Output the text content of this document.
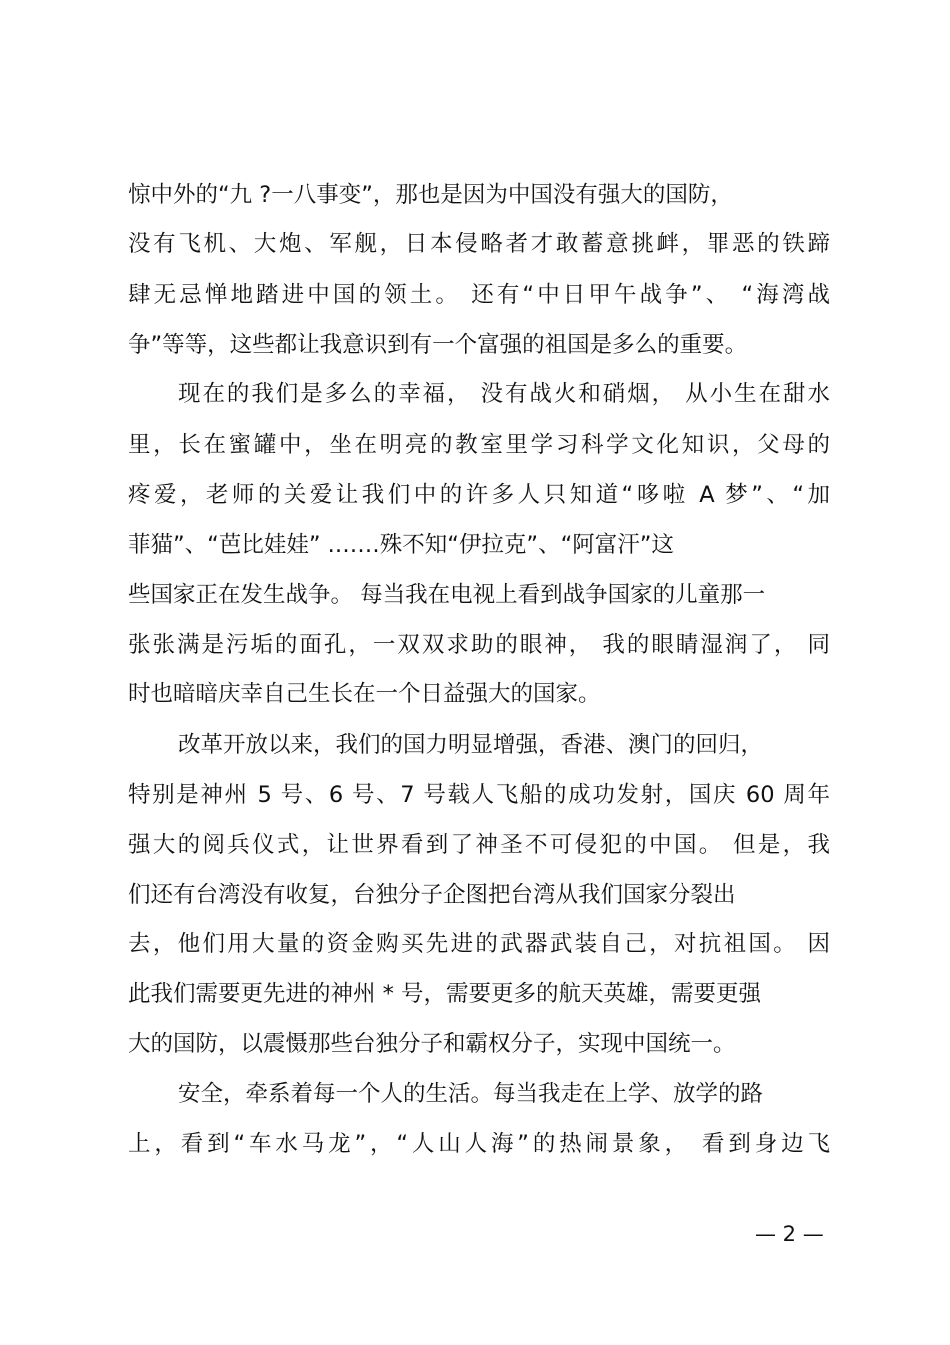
惊中外的“九 ?一八事变”，那也是因为中国没有强大的国防，
没有飞机、大炮、军舰，日本侵略者才敢蓄意挑衅，罪恶的铁蹄
肆无忌惮地踏进中国的领土。 还有“中日甲午战争”、 “海湾战
争”等等，这些都让我意识到有一个富强的祖国是多么的重要。
现在的我们是多么的幸福， 没有战火和硝烟， 从小生在甜水
里，长在蜜罐中，坐在明亮的教室里学习科学文化知识，父母的
疼爱，老师的关爱让我们中的许多人只知道“哆啦 A 梦”、“加
菲猫”、“芭比娃娃” .……殊不知“伊拉克”、“阿富汗”这
些国家正在发生战争。 每当我在电视上看到战争国家的儿童那一
张张满是污垢的面孔，一双双求助的眼神， 我的眼睛湿润了， 同
时也暗暗庆幸自己生长在一个日益强大的国家。
改革开放以来，我们的国力明显增强，香港、澳门的回归，
特别是神州 5 号、6 号、7 号载人飞船的成功发射，国庆 60 周年
强大的阅兵仪式，让世界看到了神圣不可侵犯的中国。 但是，我
们还有台湾没有收复，台独分子企图把台湾从我们国家分裂出
去，他们用大量的资金购买先进的武器武装自己，对抗祖国。 因
此我们需要更先进的神州 * 号，需要更多的航天英雄，需要更强
大的国防，以震慑那些台独分子和霸权分子，实现中国统一。
安全，牵系着每一个人的生活。每当我走在上学、放学的路
上，看到“车水马龙”，“人山人海”的热闹景象， 看到身边飞
— 2 —
